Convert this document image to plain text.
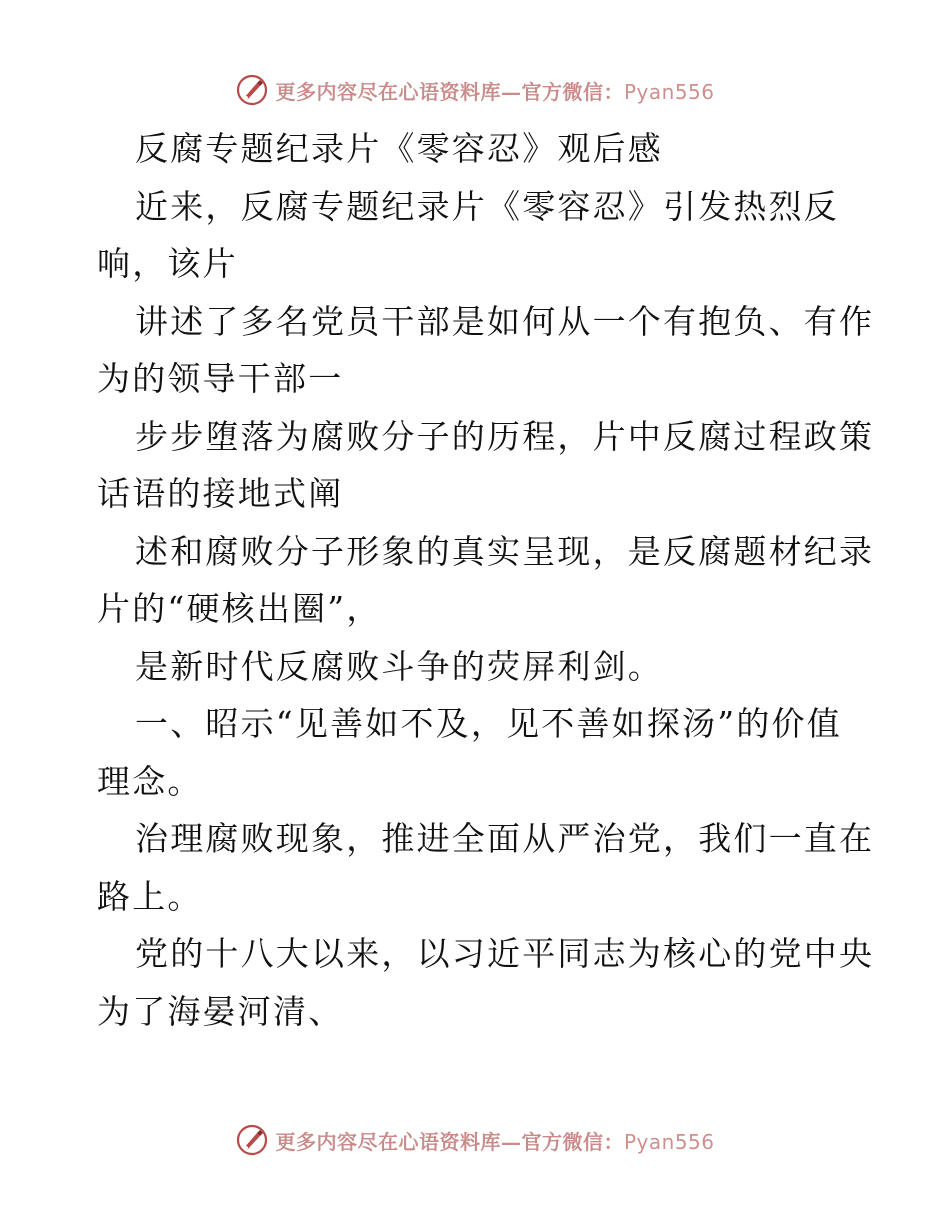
更多内容尽在心语资料库—官方微信：Pyan556
反腐专题纪录片《零容忍》观后感
近来，反腐专题纪录片《零容忍》引发热烈反
响，该片
讲述了多名党员干部是如何从一个有抱负、有作
为的领导干部一
步步堕落为腐败分子的历程，片中反腐过程政策
话语的接地式阐
述和腐败分子形象的真实呈现，是反腐题材纪录
片的“硬核出圈”，
是新时代反腐败斗争的荧屏利剑。
一、昭示“见善如不及，见不善如探汤”的价值
理念。
治理腐败现象，推进全面从严治党，我们一直在
路上。
党的十八大以来，以习近平同志为核心的党中央
为了海晏河清、
更多内容尽在心语资料库—官方微信：Pyan556
